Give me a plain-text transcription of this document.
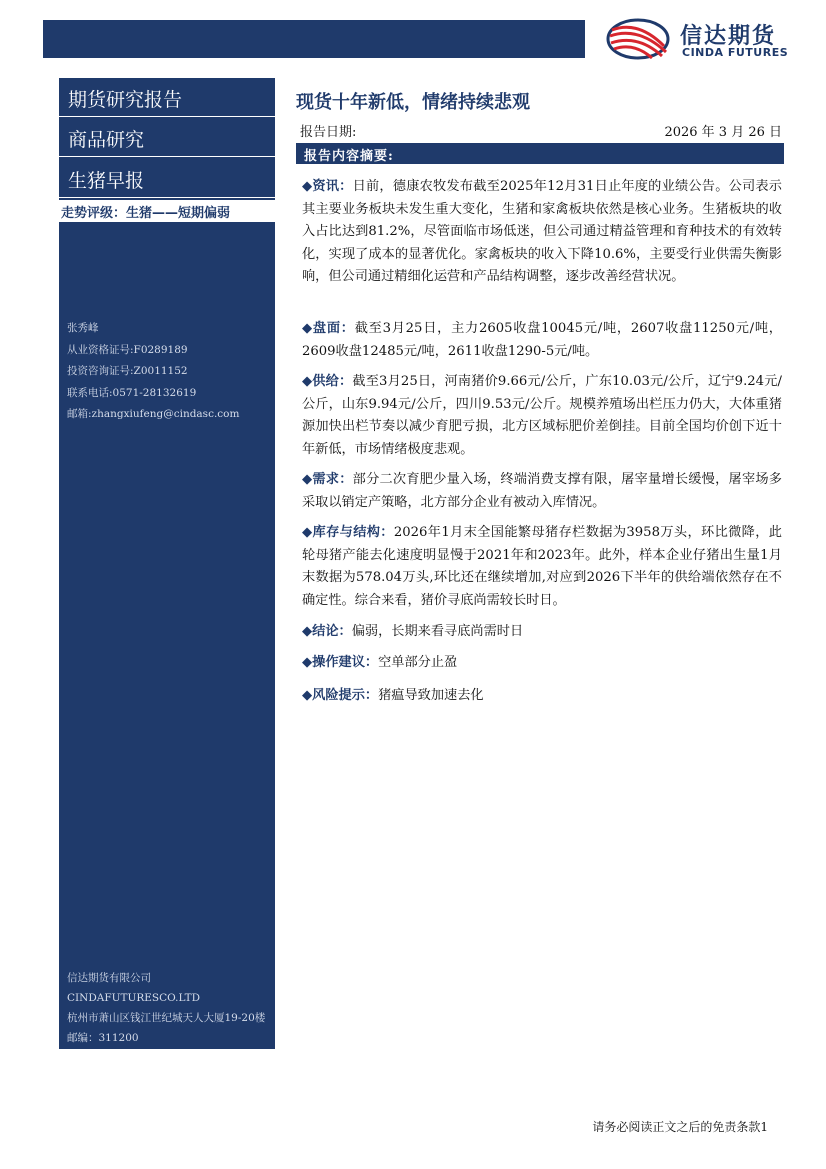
信达期货
CINDA FUTURES
期货研究报告
商品研究
生猪早报
走势评级：生猪——短期偏弱
张秀峰
从业资格证号:F0289189
投资咨询证号:Z0011152
联系电话:0571-28132619
邮箱:zhangxiufeng@cindasc.com
信达期货有限公司
CINDAFUTURESCO.LTD
杭州市萧山区钱江世纪城天人大厦19-20楼
邮编：311200
现货十年新低，情绪持续悲观
报告日期:	2026 年 3 月 26 日
报告内容摘要:
◆资讯：日前，德康农牧发布截至2025年12月31日止年度的业绩公告。公司表示其主要业务板块未发生重大变化，生猪和家禽板块依然是核心业务。生猪板块的收入占比达到81.2%，尽管面临市场低迷，但公司通过精益管理和育种技术的有效转化，实现了成本的显著优化。家禽板块的收入下降10.6%，主要受行业供需失衡影响，但公司通过精细化运营和产品结构调整，逐步改善经营状况。
◆盘面：截至3月25日，主力2605收盘10045元/吨，2607收盘11250元/吨，2609收盘12485元/吨，2611收盘1290-5元/吨。
◆供给：截至3月25日，河南猪价9.66元/公斤，广东10.03元/公斤，辽宁9.24元/公斤，山东9.94元/公斤，四川9.53元/公斤。规模养殖场出栏压力仍大，大体重猪源加快出栏节奏以减少育肥亏损，北方区域标肥价差倒挂。目前全国均价创下近十年新低，市场情绪极度悲观。
◆需求：部分二次育肥少量入场，终端消费支撑有限，屠宰量增长缓慢，屠宰场多采取以销定产策略，北方部分企业有被动入库情况。
◆库存与结构：2026年1月末全国能繁母猪存栏数据为3958万头，环比微降，此轮母猪产能去化速度明显慢于2021年和2023年。此外，样本企业仔猪出生量1月末数据为578.04万头,环比还在继续增加,对应到2026下半年的供给端依然存在不确定性。综合来看，猪价寻底尚需较长时日。
◆结论：偏弱，长期来看寻底尚需时日
◆操作建议：空单部分止盈
◆风险提示：猪瘟导致加速去化
请务必阅读正文之后的免责条款1
